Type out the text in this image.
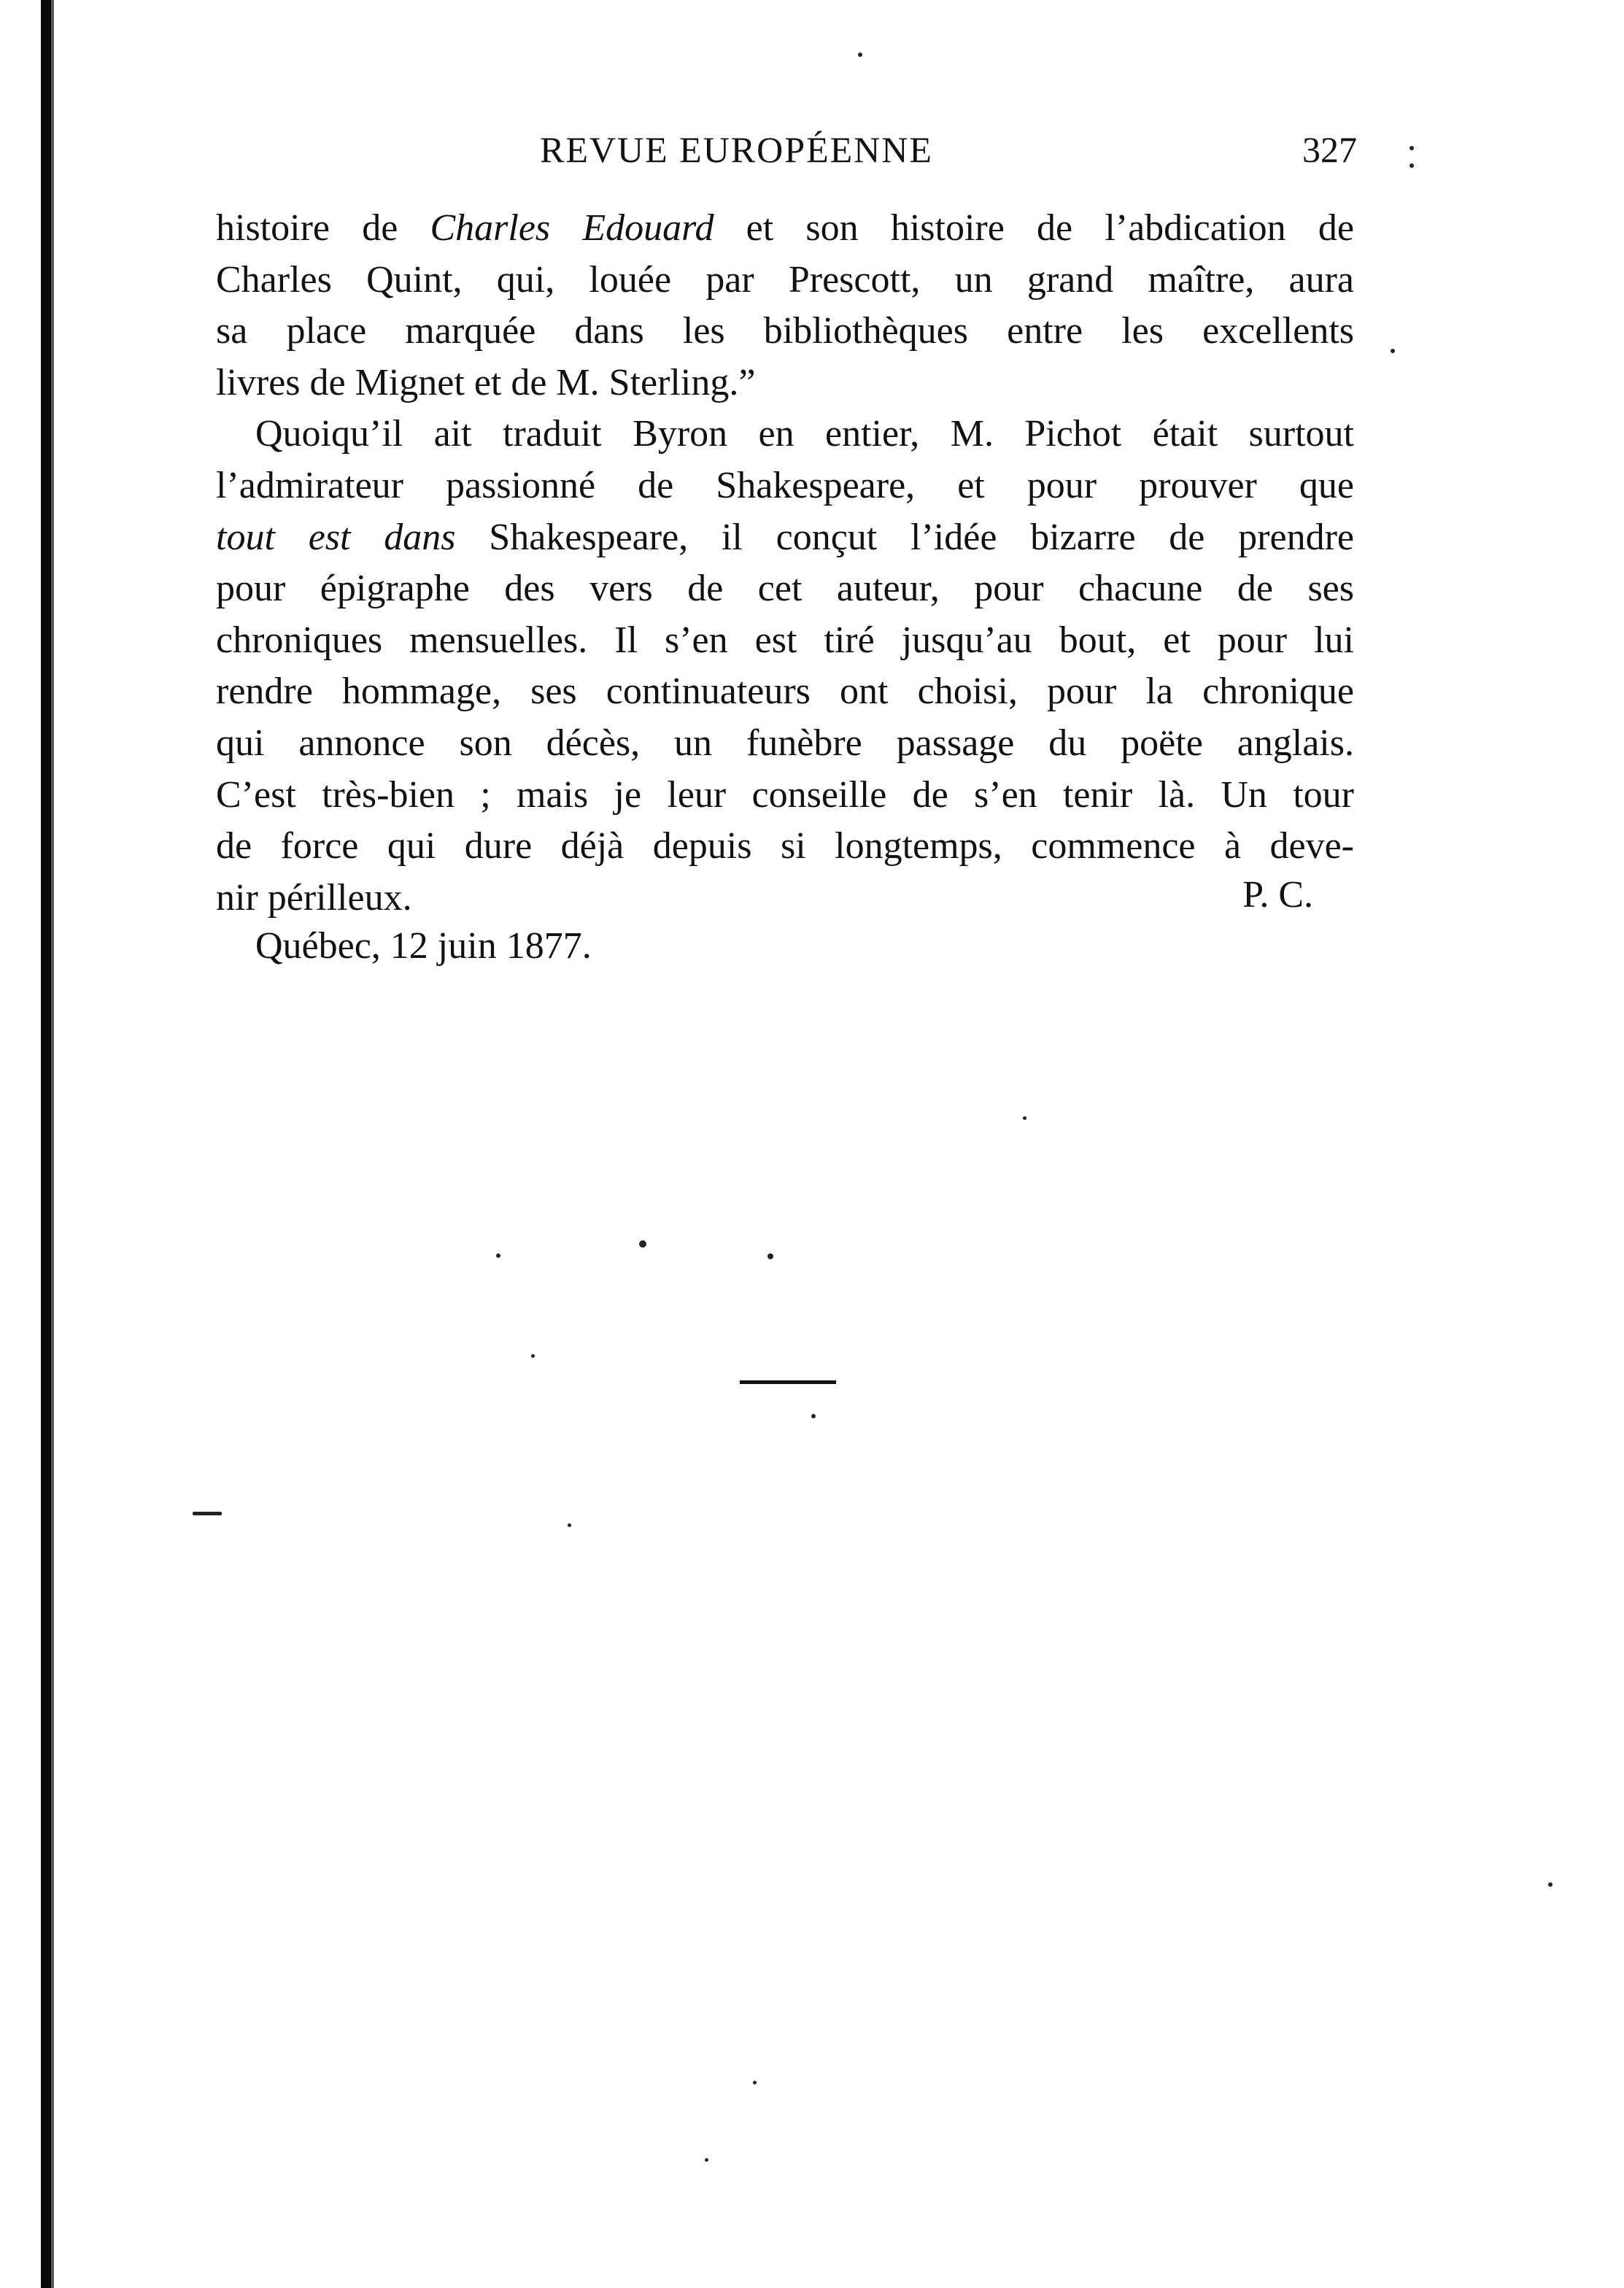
REVUE EUROPÉENNE	327
histoire de Charles Edouard et son histoire de l’abdication de
Charles Quint, qui, louée par Prescott, un grand maître, aura
sa place marquée dans les bibliothèques entre les excellents
livres de Mignet et de M. Sterling.”
Quoiqu’il ait traduit Byron en entier, M. Pichot était surtout
l’admirateur passionné de Shakespeare, et pour prouver que
tout est dans Shakespeare, il conçut l’idée bizarre de prendre
pour épigraphe des vers de cet auteur, pour chacune de ses
chroniques mensuelles. Il s’en est tiré jusqu’au bout, et pour lui
rendre hommage, ses continuateurs ont choisi, pour la chronique
qui annonce son décès, un funèbre passage du poëte anglais.
C’est très-bien ; mais je leur conseille de s’en tenir là. Un tour
de force qui dure déjà depuis si longtemps, commence à deve-
nir périlleux.	P. C.
Québec, 12 juin 1877.
